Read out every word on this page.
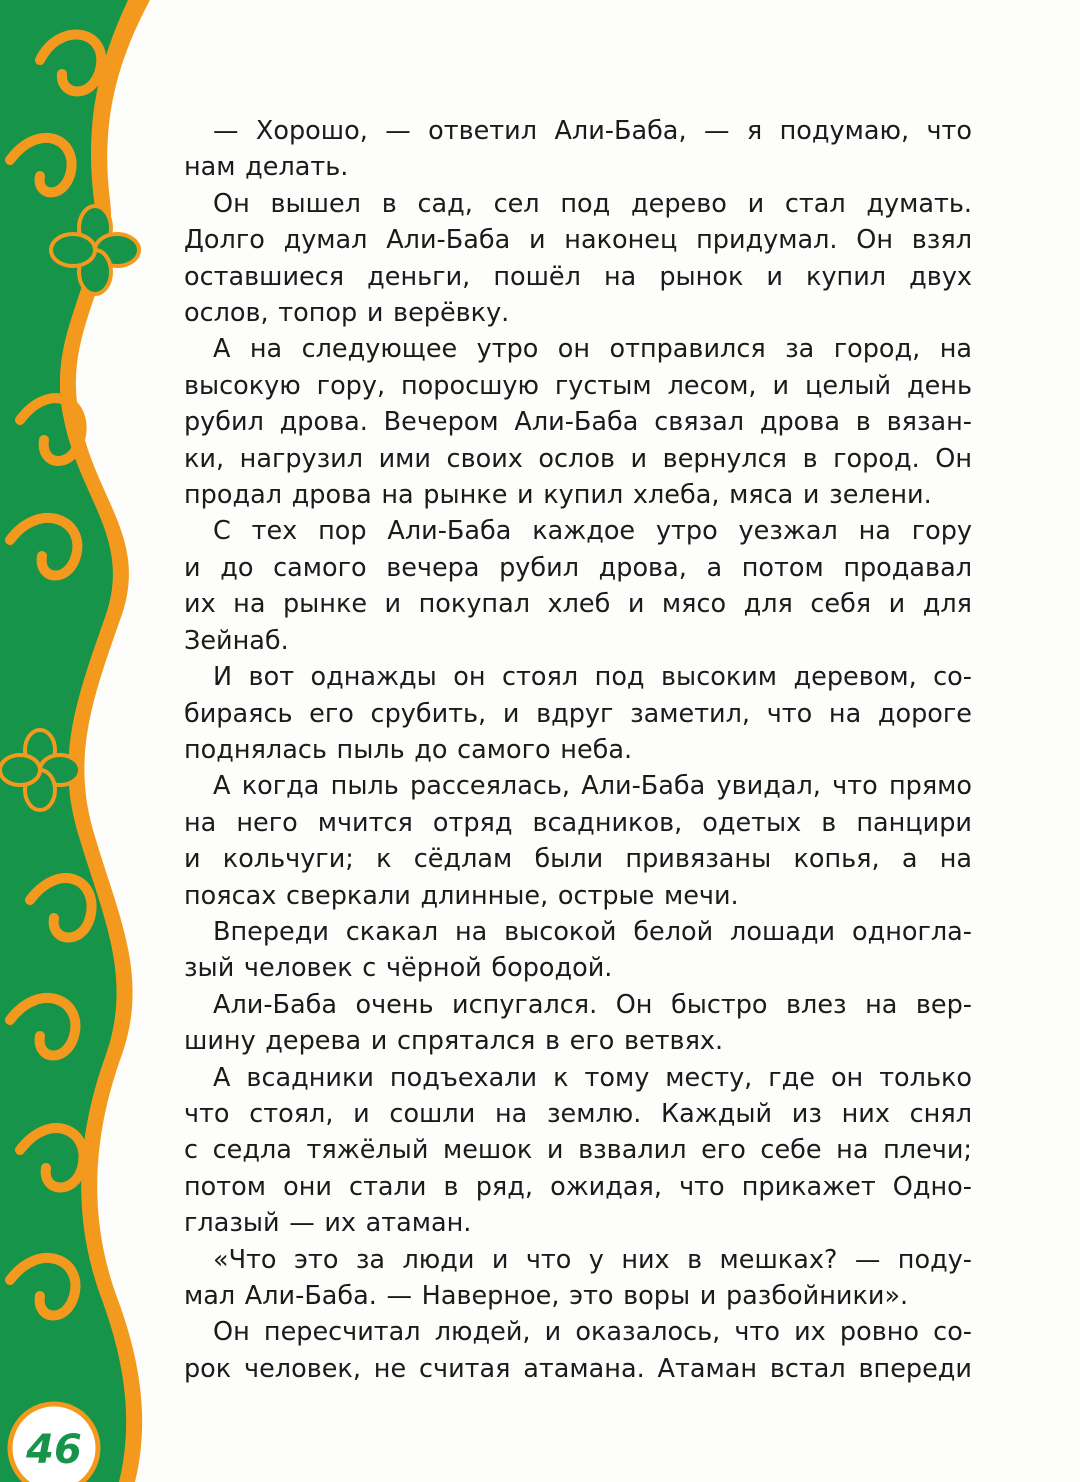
46

— Хорошо, — ответил Али-Баба, — я подумаю, что
нам делать.

Он вышел в сад, сел под дерево и стал думать.
Долго думал Али-Баба и наконец придумал. Он взял
оставшиеся деньги, пошёл на рынок и купил двух
ослов, топор и верёвку.

А на следующее утро он отправился за город, на
высокую гору, поросшую густым лесом, и целый день
рубил дрова. Вечером Али-Баба связал дрова в вязан-
ки, нагрузил ими своих ослов и вернулся в город. Он
продал дрова на рынке и купил хлеба, мяса и зелени.

С тех пор Али-Баба каждое утро уезжал на гору
и до самого вечера рубил дрова, а потом продавал
их на рынке и покупал хлеб и мясо для себя и для
Зейнаб.

И вот однажды он стоял под высоким деревом, со-
бираясь его срубить, и вдруг заметил, что на дороге
поднялась пыль до самого неба.

А когда пыль рассеялась, Али-Баба увидал, что прямо
на него мчится отряд всадников, одетых в панцири
и кольчуги; к сёдлам были привязаны копья, а на
поясах сверкали длинные, острые мечи.

Впереди скакал на высокой белой лошади одногла-
зый человек с чёрной бородой.

Али-Баба очень испугался. Он быстро влез на вер-
шину дерева и спрятался в его ветвях.

А всадники подъехали к тому месту, где он только
что стоял, и сошли на землю. Каждый из них снял
с седла тяжёлый мешок и взвалил его себе на плечи;
потом они стали в ряд, ожидая, что прикажет Одно-
глазый — их атаман.

«Что это за люди и что у них в мешках? — поду-
мал Али-Баба. — Наверное, это воры и разбойники».

Он пересчитал людей, и оказалось, что их ровно со-
рок человек, не считая атамана. Атаман встал впереди
